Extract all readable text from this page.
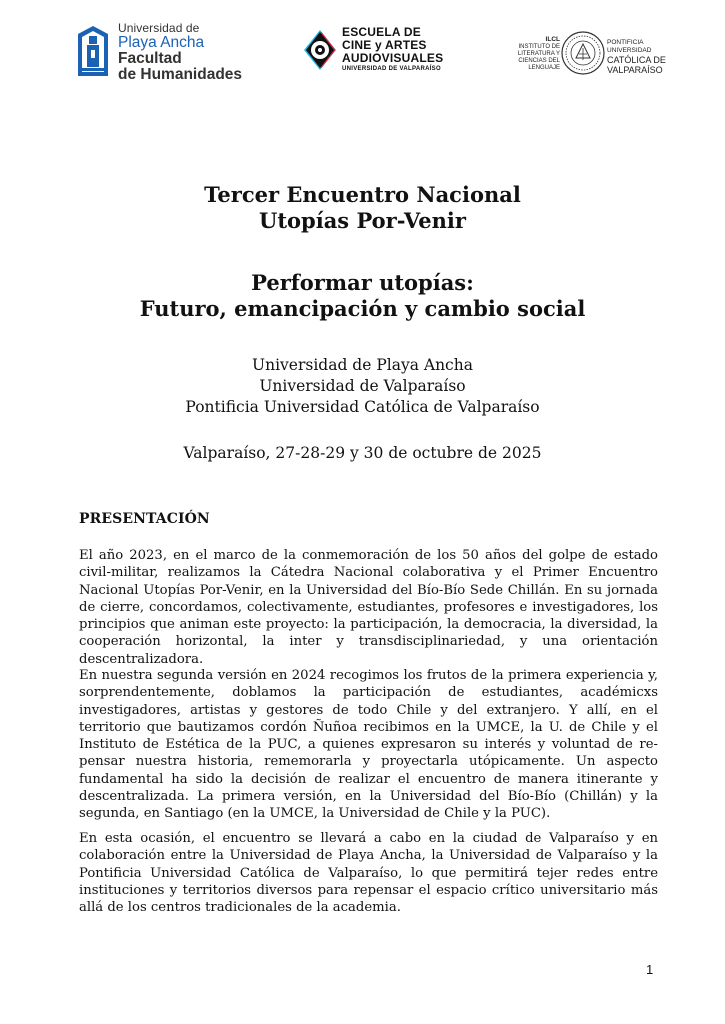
Universidad de
Playa Ancha
Facultad
de Humanidades
ESCUELA DE
CINE y ARTES
AUDIOVISUALES
UNIVERSIDAD DE VALPARAÍSO
ILCL
INSTITUTO DE
LITERATURA Y
CIENCIAS DEL
LENGUAJE
PONTIFICIA
UNIVERSIDAD
CATÓLICA DE
VALPARAÍSO
Tercer Encuentro Nacional
Utopías Por-Venir
Performar utopías:
Futuro, emancipación y cambio social
Universidad de Playa Ancha
Universidad de Valparaíso
Pontificia Universidad Católica de Valparaíso
Valparaíso, 27-28-29 y 30 de octubre de 2025
PRESENTACIÓN

El año 2023, en el marco de la conmemoración de los 50 años del golpe de estado civil-militar, realizamos la Cátedra Nacional colaborativa y el Primer Encuentro Nacional Utopías Por-Venir, en la Universidad del Bío-Bío Sede Chillán. En su jornada de cierre, concordamos, colectivamente, estudiantes, profesores e investigadores, los principios que animan este proyecto: la participación, la democracia, la diversidad, la cooperación horizontal, la inter y transdisciplinariedad, y una orientación descentralizadora.

En nuestra segunda versión en 2024 recogimos los frutos de la primera experiencia y, sorprendentemente, doblamos la participación de estudiantes, académicxs investigadores, artistas y gestores de todo Chile y del extranjero. Y allí, en el territorio que bautizamos cordón Ñuñoa recibimos en la UMCE, la U. de Chile y el Instituto de Estética de la PUC, a quienes expresaron su interés y voluntad de re-pensar nuestra historia, rememorarla y proyectarla utópicamente. Un aspecto fundamental ha sido la decisión de realizar el encuentro de manera itinerante y descentralizada. La primera versión, en la Universidad del Bío-Bío (Chillán) y la segunda, en Santiago (en la UMCE, la Universidad de Chile y la PUC).

En esta ocasión, el encuentro se llevará a cabo en la ciudad de Valparaíso y en colaboración entre la Universidad de Playa Ancha, la Universidad de Valparaíso y la Pontificia Universidad Católica de Valparaíso, lo que permitirá tejer redes entre instituciones y territorios diversos para repensar el espacio crítico universitario más allá de los centros tradicionales de la academia.

1
